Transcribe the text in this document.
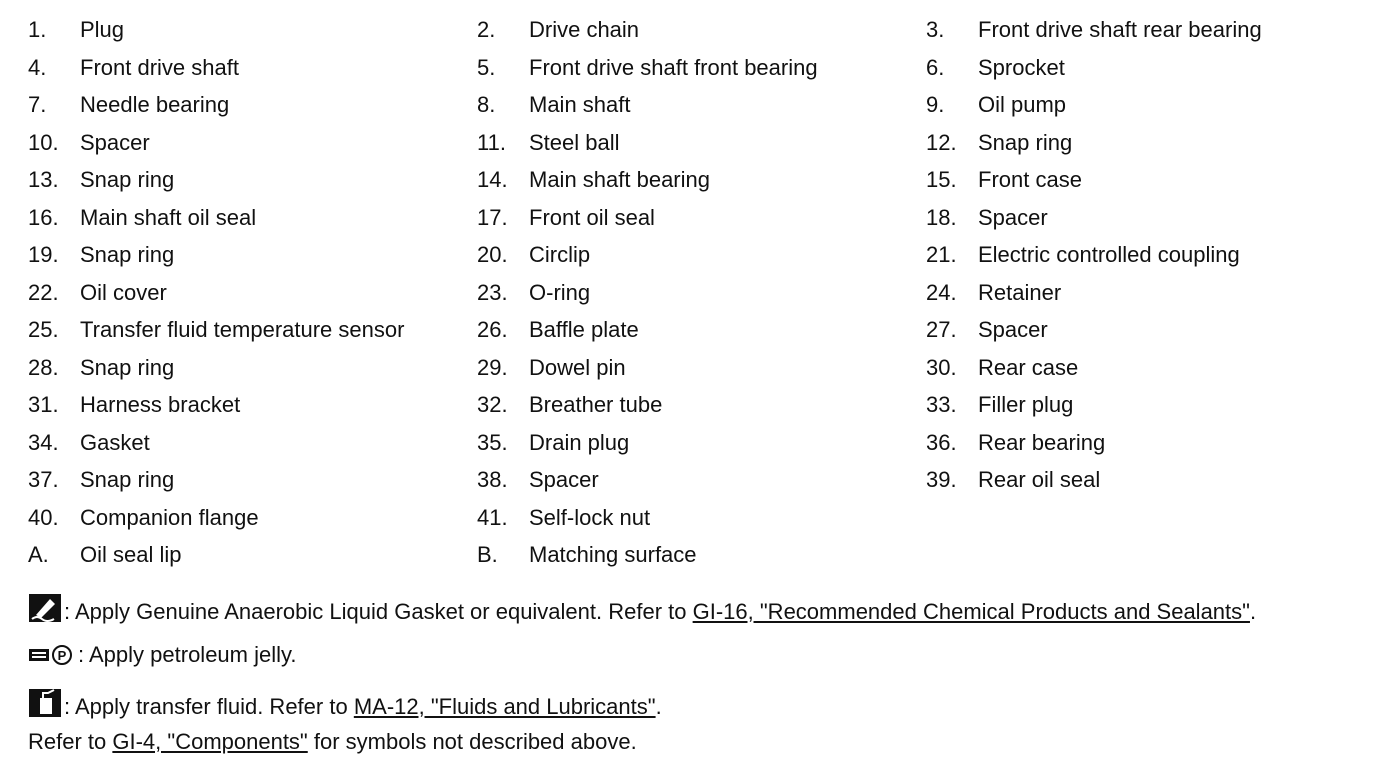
1. Plug	2. Drive chain	3. Front drive shaft rear bearing
4. Front drive shaft	5. Front drive shaft front bearing	6. Sprocket
7. Needle bearing	8. Main shaft	9. Oil pump
10. Spacer	11. Steel ball	12. Snap ring
13. Snap ring	14. Main shaft bearing	15. Front case
16. Main shaft oil seal	17. Front oil seal	18. Spacer
19. Snap ring	20. Circlip	21. Electric controlled coupling
22. Oil cover	23. O-ring	24. Retainer
25. Transfer fluid temperature sensor	26. Baffle plate	27. Spacer
28. Snap ring	29. Dowel pin	30. Rear case
31. Harness bracket	32. Breather tube	33. Filler plug
34. Gasket	35. Drain plug	36. Rear bearing
37. Snap ring	38. Spacer	39. Rear oil seal
40. Companion flange	41. Self-lock nut
A. Oil seal lip	B. Matching surface
: Apply Genuine Anaerobic Liquid Gasket or equivalent. Refer to GI-16, "Recommended Chemical Products and Sealants".
P : Apply petroleum jelly.
: Apply transfer fluid. Refer to MA-12, "Fluids and Lubricants".
Refer to GI-4, "Components" for symbols not described above.
